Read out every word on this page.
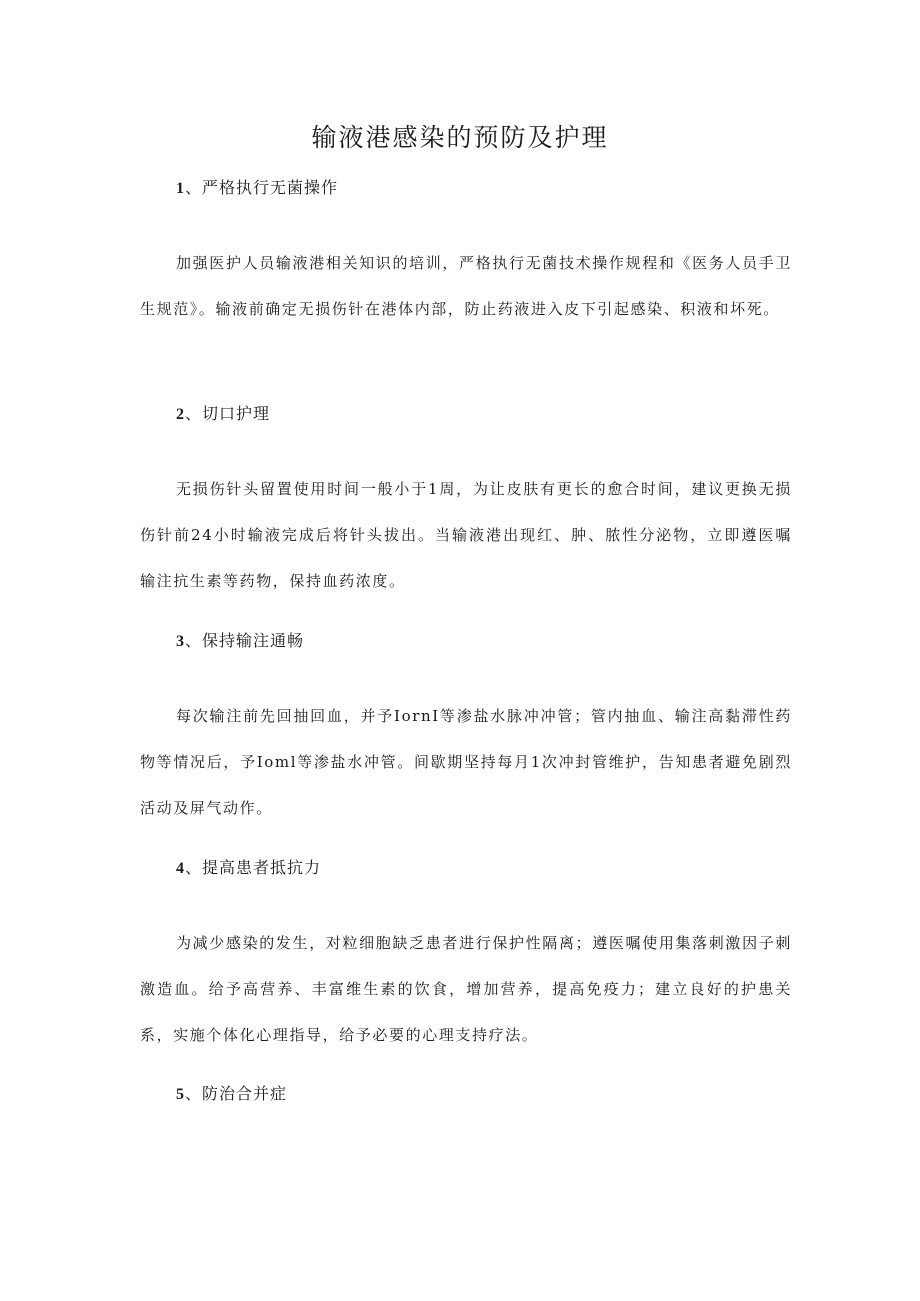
输液港感染的预防及护理
1、严格执行无菌操作

加强医护人员输液港相关知识的培训，严格执行无菌技术操作规程和《医务人员手卫生规范》。输液前确定无损伤针在港体内部，防止药液进入皮下引起感染、积液和坏死。

2、切口护理

无损伤针头留置使用时间一般小于1周，为让皮肤有更长的愈合时间，建议更换无损伤针前24小时输液完成后将针头拔出。当输液港出现红、肿、脓性分泌物，立即遵医嘱输注抗生素等药物，保持血药浓度。

3、保持输注通畅

每次输注前先回抽回血，并予IornI等渗盐水脉冲冲管；管内抽血、输注高黏滞性药物等情况后，予Ioml等渗盐水冲管。间歇期坚持每月1次冲封管维护，告知患者避免剧烈活动及屏气动作。

4、提高患者抵抗力

为减少感染的发生，对粒细胞缺乏患者进行保护性隔离；遵医嘱使用集落刺激因子刺激造血。给予高营养、丰富维生素的饮食，增加营养，提高免疫力；建立良好的护患关系，实施个体化心理指导，给予必要的心理支持疗法。

5、防治合并症
